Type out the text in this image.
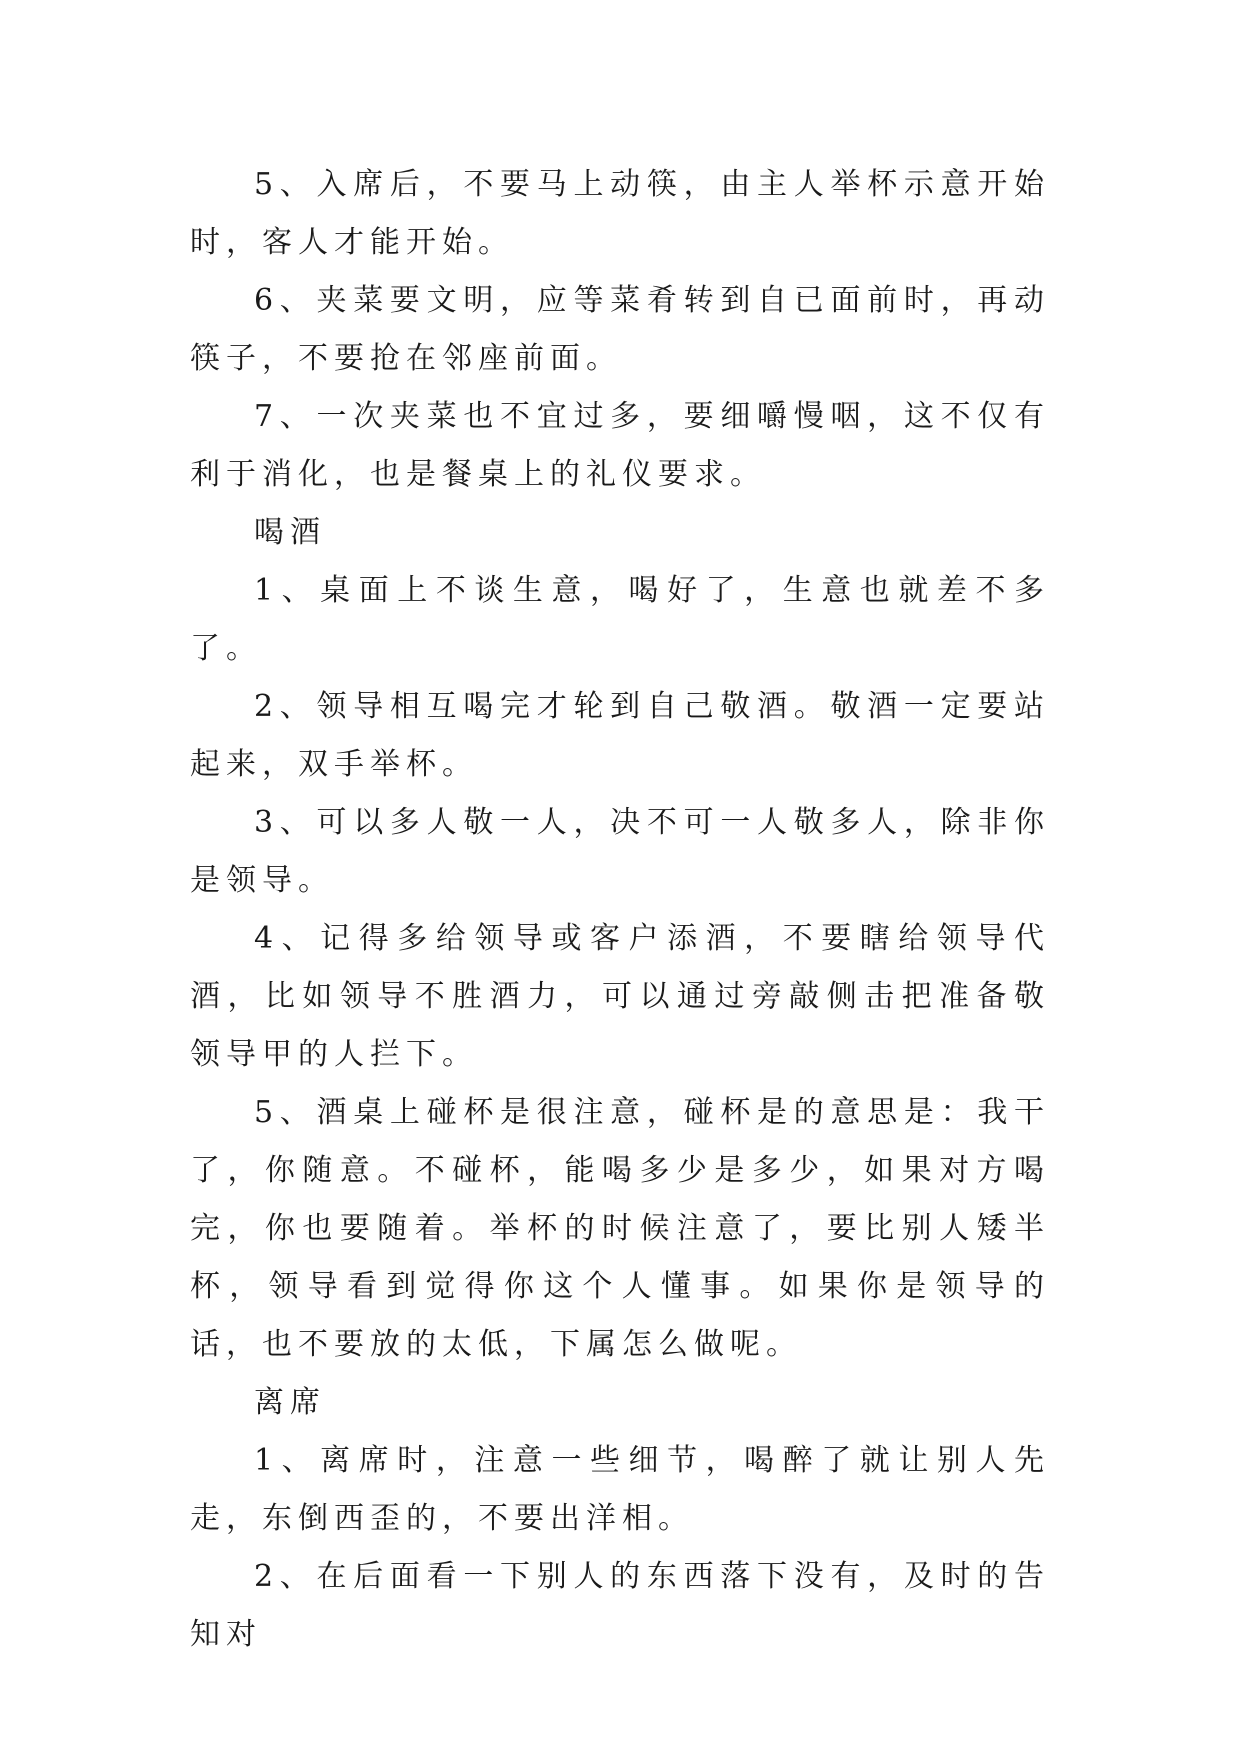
5、入席后，不要马上动筷，由主人举杯示意开始时，客人才能开始。

6、夹菜要文明，应等菜肴转到自已面前时，再动筷子，不要抢在邻座前面。

7、一次夹菜也不宜过多，要细嚼慢咽，这不仅有利于消化，也是餐桌上的礼仪要求。

喝酒

1、桌面上不谈生意，喝好了，生意也就差不多了。

2、领导相互喝完才轮到自己敬酒。敬酒一定要站起来，双手举杯。

3、可以多人敬一人，决不可一人敬多人，除非你是领导。

4、记得多给领导或客户添酒，不要瞎给领导代酒，比如领导不胜酒力，可以通过旁敲侧击把准备敬领导甲的人拦下。

5、酒桌上碰杯是很注意，碰杯是的意思是：我干了，你随意。不碰杯，能喝多少是多少，如果对方喝完，你也要随着。举杯的时候注意了，要比别人矮半杯，领导看到觉得你这个人懂事。如果你是领导的话，也不要放的太低，下属怎么做呢。

离席

1、离席时，注意一些细节，喝醉了就让别人先走，东倒西歪的，不要出洋相。

2、在后面看一下别人的东西落下没有，及时的告知对
